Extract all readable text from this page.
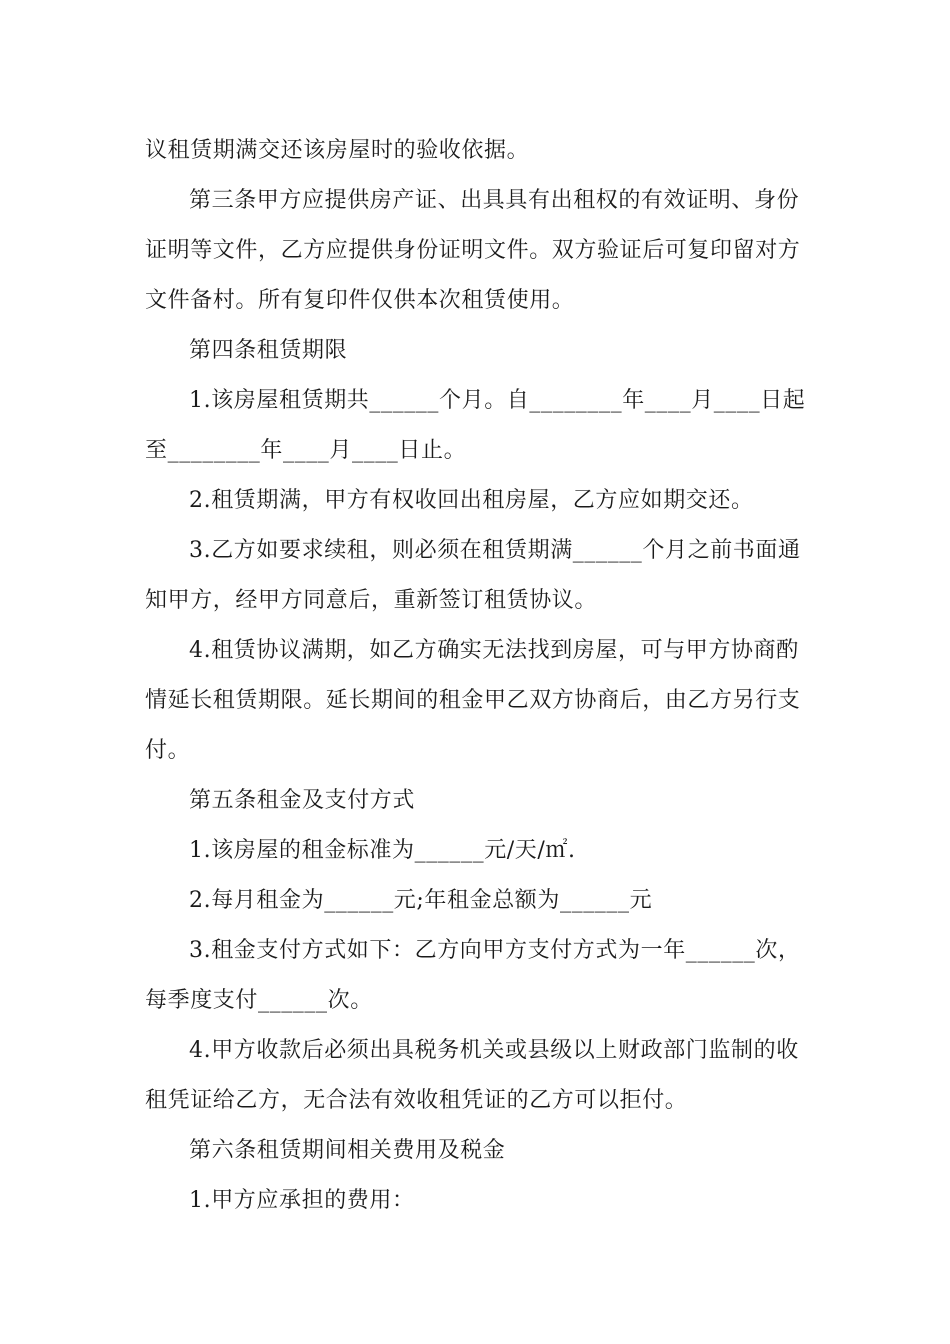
议租赁期满交还该房屋时的验收依据。
第三条甲方应提供房产证、出具具有出租权的有效证明、身份
证明等文件，乙方应提供身份证明文件。双方验证后可复印留对方
文件备村。所有复印件仅供本次租赁使用。
第四条租赁期限
1.该房屋租赁期共______个月。自________年____月____日起
至________年____月____日止。
2.租赁期满，甲方有权收回出租房屋，乙方应如期交还。
3.乙方如要求续租，则必须在租赁期满______个月之前书面通
知甲方，经甲方同意后，重新签订租赁协议。
4.租赁协议满期，如乙方确实无法找到房屋，可与甲方协商酌
情延长租赁期限。延长期间的租金甲乙双方协商后，由乙方另行支
付。
第五条租金及支付方式
1.该房屋的租金标准为______元/天/㎡.
2.每月租金为______元;年租金总额为______元
3.租金支付方式如下：乙方向甲方支付方式为一年______次，
每季度支付______次。
4.甲方收款后必须出具税务机关或县级以上财政部门监制的收
租凭证给乙方，无合法有效收租凭证的乙方可以拒付。
第六条租赁期间相关费用及税金
1.甲方应承担的费用：
